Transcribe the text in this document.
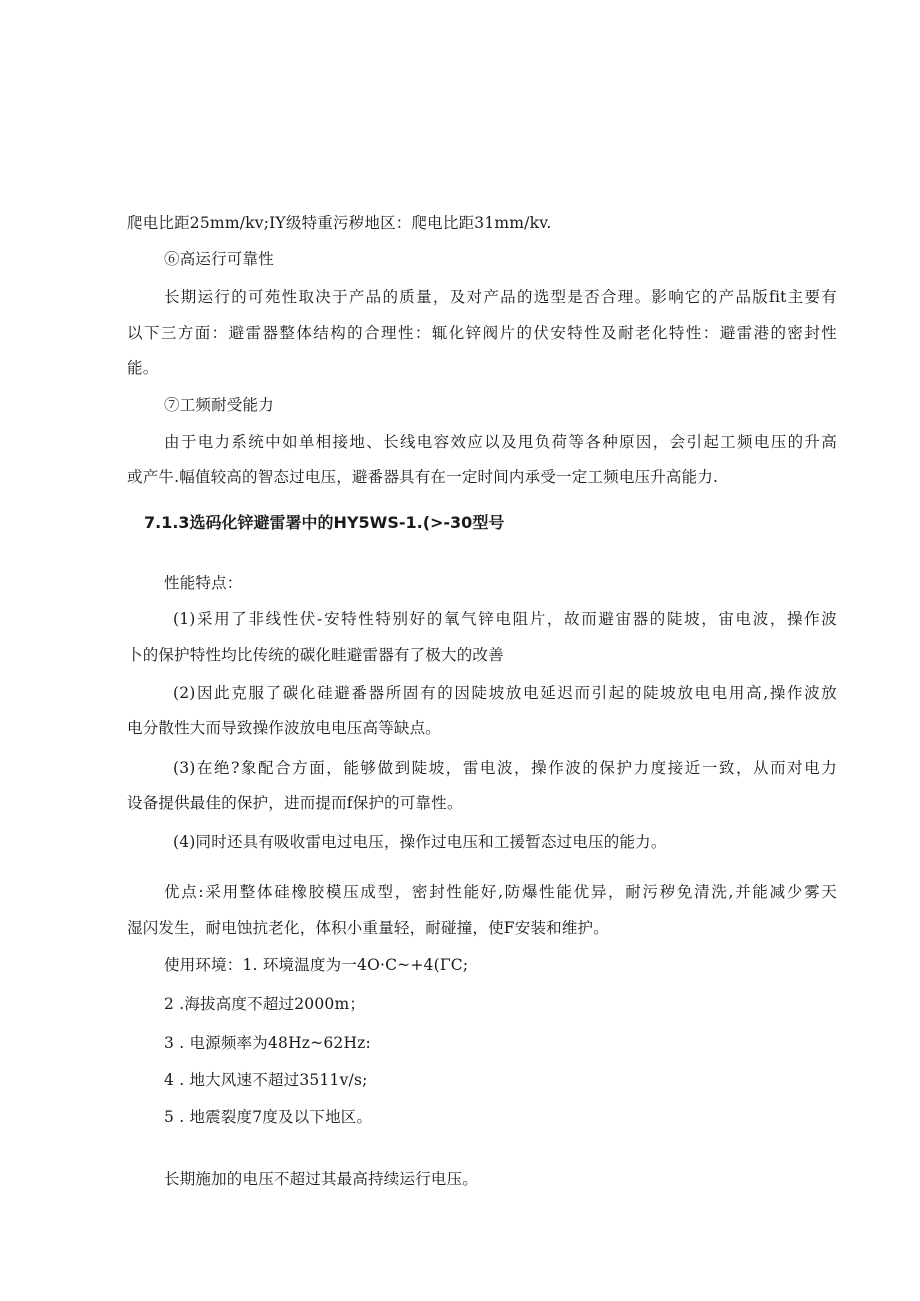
爬电比距25mm/kv;IY级特重污秽地区：爬电比距31mm/kv.
⑥高运行可靠性
长期运行的可苑性取决于产品的质量，及对产品的选型是否合理。影响它的产品版fit主要有
以下三方面：避雷器整体结构的合理性：辄化锌阀片的伏安特性及耐老化特性：避雷港的密封性
能。
⑦工频耐受能力
由于电力系统中如单相接地、长线电容效应以及甩负荷等各种原因，会引起工频电压的升高
或产牛.幅值较高的智态过电压，避番器具有在一定时间内承受一定工频电压升高能力.
7.1.3选码化锌避雷署中的HY5WS-1.(>-30型号
性能特点：
(1)采用了非线性伏-安特性特别好的氧气锌电阻片，故而避宙器的陡坡，宙电波，操作波
卜的保护特性均比传统的碳化畦避雷器有了极大的改善
(2)因此克服了碳化硅避番器所固有的因陡坡放电延迟而引起的陡坡放电电用高,操作波放
电分散性大而导致操作波放电电压高等缺点。
(3)在绝?象配合方面，能够做到陡坡，雷电波，操作波的保护力度接近一致，从而对电力
设备提供最佳的保护，进而提而f保护的可靠性。
(4)同时还具有吸收雷电过电压，操作过电压和工援暂态过电压的能力。
优点:采用整体硅橡胶模压成型，密封性能好,防爆性能优异，耐污秽免清洗,并能减少雾天
湿闪发生，耐电蚀抗老化，体积小重量轻，耐碰撞，使F安装和维护。
使用环境：1. 环境温度为一4O·C~+4(ΓC;
2 .海拔高度不超过2000m；
3 . 电源频率为48Hz~62Hz:
4 . 地大风速不超过3511v/s;
5 . 地震裂度7度及以下地区。
长期施加的电压不超过其最高持续运行电压。
